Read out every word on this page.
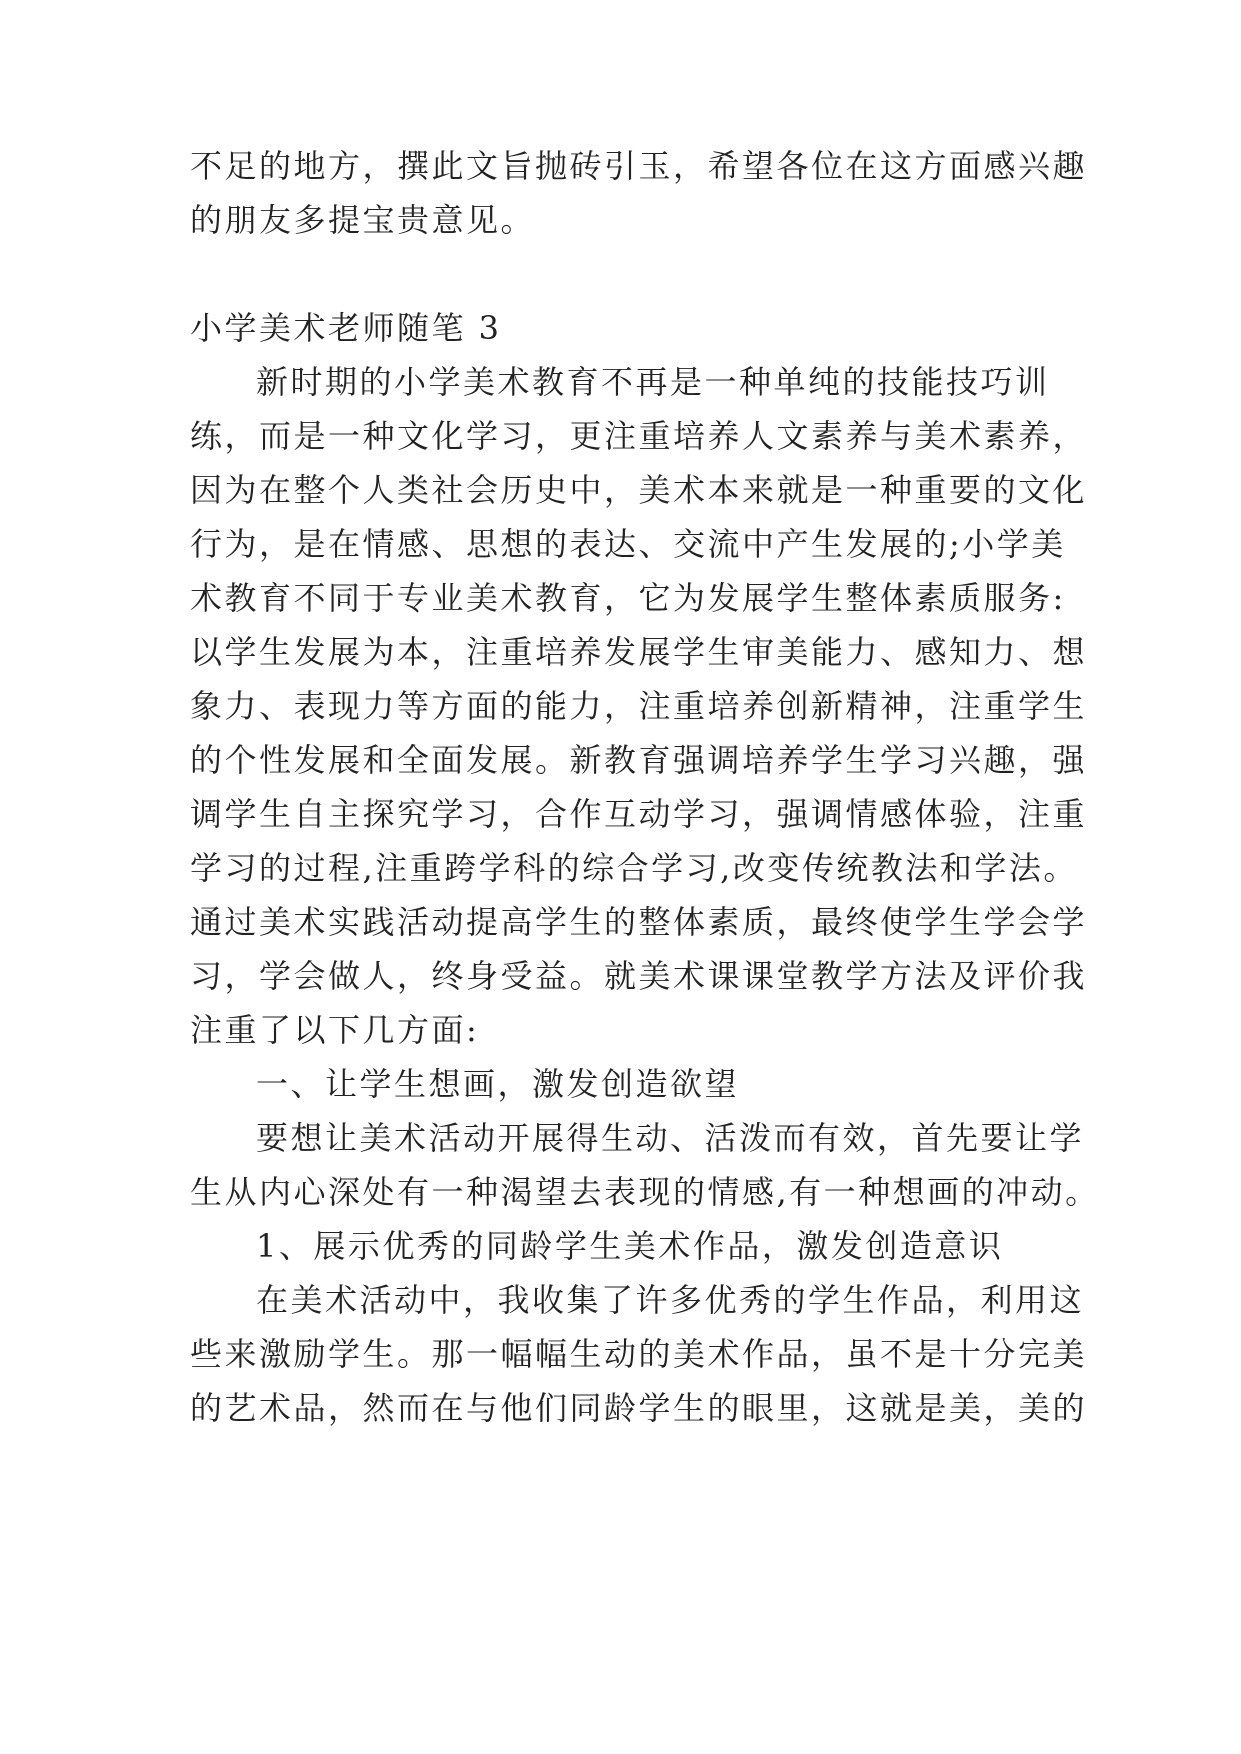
不足的地方，撰此文旨抛砖引玉，希望各位在这方面感兴趣
的朋友多提宝贵意见。
小学美术老师随笔 3
新时期的小学美术教育不再是一种单纯的技能技巧训
练，而是一种文化学习，更注重培养人文素养与美术素养，
因为在整个人类社会历史中，美术本来就是一种重要的文化
行为，是在情感、思想的表达、交流中产生发展的;小学美
术教育不同于专业美术教育，它为发展学生整体素质服务:
以学生发展为本，注重培养发展学生审美能力、感知力、想
象力、表现力等方面的能力，注重培养创新精神，注重学生
的个性发展和全面发展。新教育强调培养学生学习兴趣，强
调学生自主探究学习，合作互动学习，强调情感体验，注重
学习的过程,注重跨学科的综合学习,改变传统教法和学法。
通过美术实践活动提高学生的整体素质，最终使学生学会学
习，学会做人，终身受益。就美术课课堂教学方法及评价我
注重了以下几方面:
一、让学生想画，激发创造欲望
要想让美术活动开展得生动、活泼而有效，首先要让学
生从内心深处有一种渴望去表现的情感,有一种想画的冲动。
1、展示优秀的同龄学生美术作品，激发创造意识
在美术活动中，我收集了许多优秀的学生作品，利用这
些来激励学生。那一幅幅生动的美术作品，虽不是十分完美
的艺术品，然而在与他们同龄学生的眼里，这就是美，美的
